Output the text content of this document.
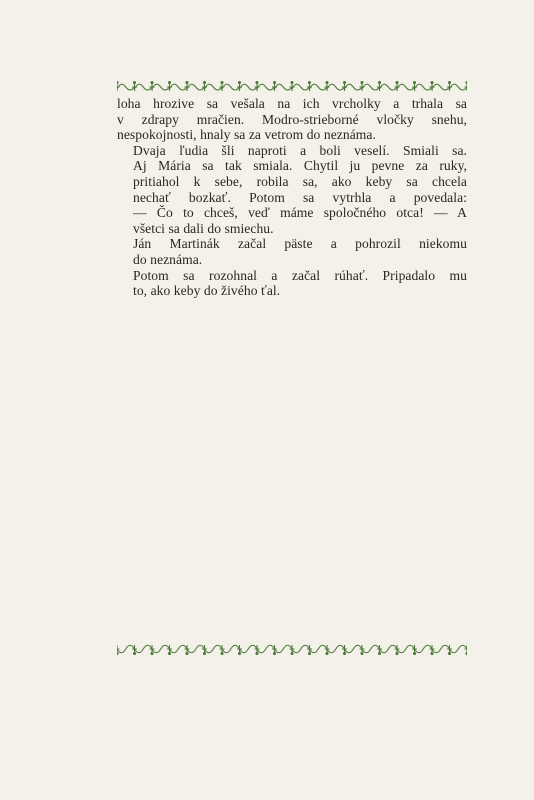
loha hrozive sa vešala na ich vrcholky a trhala sa
v zdrapy mračien. Modro-strieborné vločky snehu,
nespokojnosti, hnaly sa za vetrom do neznáma.

Dvaja ľudia šli naproti a boli veselí. Smiali sa.
Aj Mária sa tak smiala. Chytil ju pevne za ruky,
pritiahol k sebe, robila sa, ako keby sa chcela
nechať bozkať. Potom sa vytrhla a povedala:
— Čo to chceš, veď máme spoločného otca! — A
všetci sa dali do smiechu.

Ján Martinák začal päste a pohrozil niekomu
do neznáma.

Potom sa rozohnal a začal rúhať. Pripadalo mu
to, ako keby do živého ťal.
